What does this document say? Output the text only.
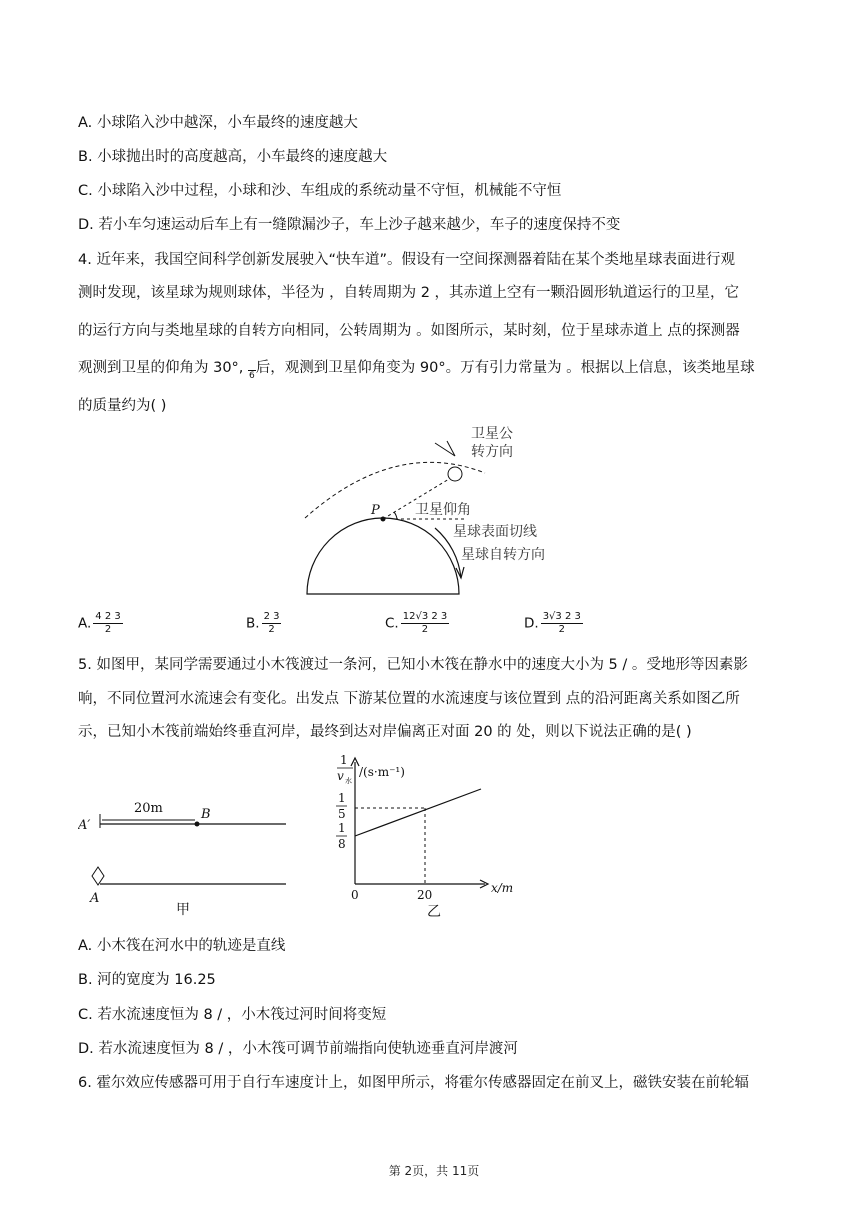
A. 小球陷入沙中越深，小车最终的速度越大
B. 小球抛出时的高度越高，小车最终的速度越大
C. 小球陷入沙中过程，小球和沙、车组成的系统动量不守恒，机械能不守恒
D. 若小车匀速运动后车上有一缝隙漏沙子，车上沙子越来越少，车子的速度保持不变
4. 近年来，我国空间科学创新发展驶入“快车道”。假设有一空间探测器着陆在某个类地星球表面进行观
测时发现，该星球为规则球体，半径为 ，自转周期为 2 ，其赤道上空有一颗沿圆形轨道运行的卫星，它
的运行方向与类地星球的自转方向相同，公转周期为 。如图所示，某时刻，位于星球赤道上 点的探测器
观测到卫星的仰角为 30°, $_6$后，观测到卫星仰角变为 90°。万有引力常量为 。根据以上信息，该类地星球
的质量约为( )
卫星公
转方向
P	卫星仰角
星球表面切线
星球自转方向
A. $\frac{4 2 3}{2}$	B. $\frac{2 3}{2}$	C. $\frac{12√3 2 3}{2}$	D. $\frac{3√3 2 3}{2}$
5. 如图甲，某同学需要通过小木筏渡过一条河，已知小木筏在静水中的速度大小为 5 / 。受地形等因素影
响，不同位置河水流速会有变化。出发点 下游某位置的水流速度与该位置到 点的沿河距离关系如图乙所
示，已知小木筏前端始终垂直河岸，最终到达对岸偏离正对面 20 的 处，则以下说法正确的是( )
20m
A′
B
A
甲
1
v 水
/(s·m⁻¹)
1
5
1
8
0	20	x/m
乙
A. 小木筏在河水中的轨迹是直线
B. 河的宽度为 16.25
C. 若水流速度恒为 8 / ，小木筏过河时间将变短
D. 若水流速度恒为 8 / ，小木筏可调节前端指向使轨迹垂直河岸渡河
6. 霍尔效应传感器可用于自行车速度计上，如图甲所示，将霍尔传感器固定在前叉上，磁铁安装在前轮辐
第 2页，共 11页
